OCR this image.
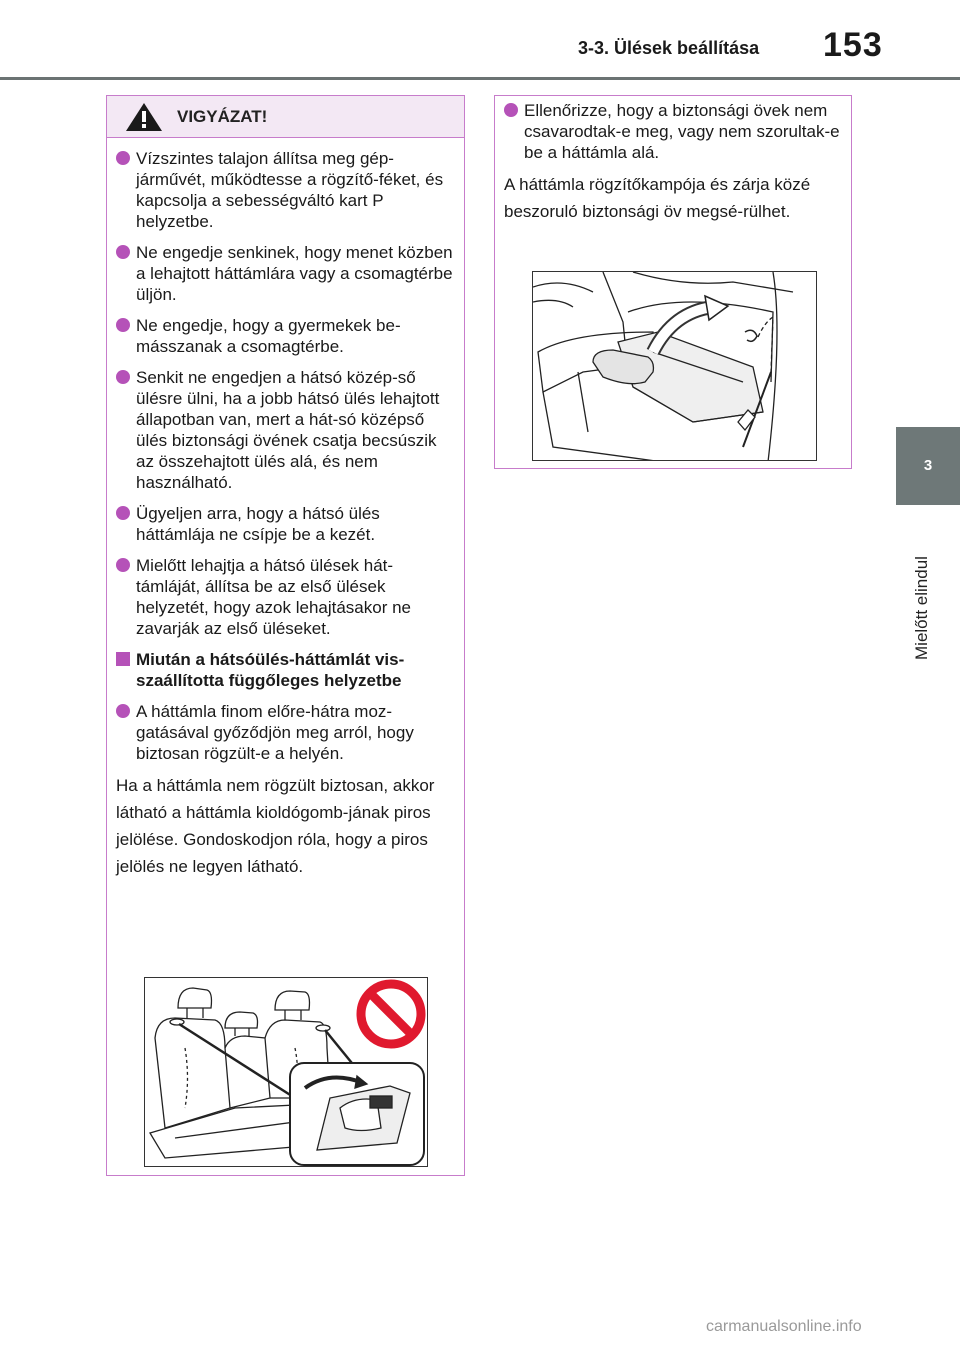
3-3. Ülések beállítása 153
3
Mielőtt elindul
VIGYÁZAT!
Vízszintes talajon állítsa meg gép-járművét, működtesse a rögzítő-féket, és kapcsolja a sebességváltó kart P helyzetbe.
Ne engedje senkinek, hogy menet közben a lehajtott háttámlára vagy a csomagtérbe üljön.
Ne engedje, hogy a gyermekek be-másszanak a csomagtérbe.
Senkit ne engedjen a hátsó közép-ső ülésre ülni, ha a jobb hátsó ülés lehajtott állapotban van, mert a hát-só középső ülés biztonsági övének csatja becsúszik az összehajtott ülés alá, és nem használható.
Ügyeljen arra, hogy a hátsó ülés háttámlája ne csípje be a kezét.
Mielőtt lehajtja a hátsó ülések hát-támláját, állítsa be az első ülések helyzetét, hogy azok lehajtásakor ne zavarják az első üléseket.
Miután a hátsóülés-háttámlát vis-szaállította függőleges helyzetbe
A háttámla finom előre-hátra moz-gatásával győződjön meg arról, hogy biztosan rögzült-e a helyén.
Ha a háttámla nem rögzült biztosan, akkor látható a háttámla kioldógomb-jának piros jelölése. Gondoskodjon róla, hogy a piros jelölés ne legyen látható.
Ellenőrizze, hogy a biztonsági övek nem csavarodtak-e meg, vagy nem szorultak-e be a háttámla alá.
A háttámla rögzítőkampója és zárja közé beszoruló biztonsági öv megsé-rülhet.
carmanualsonline.info
